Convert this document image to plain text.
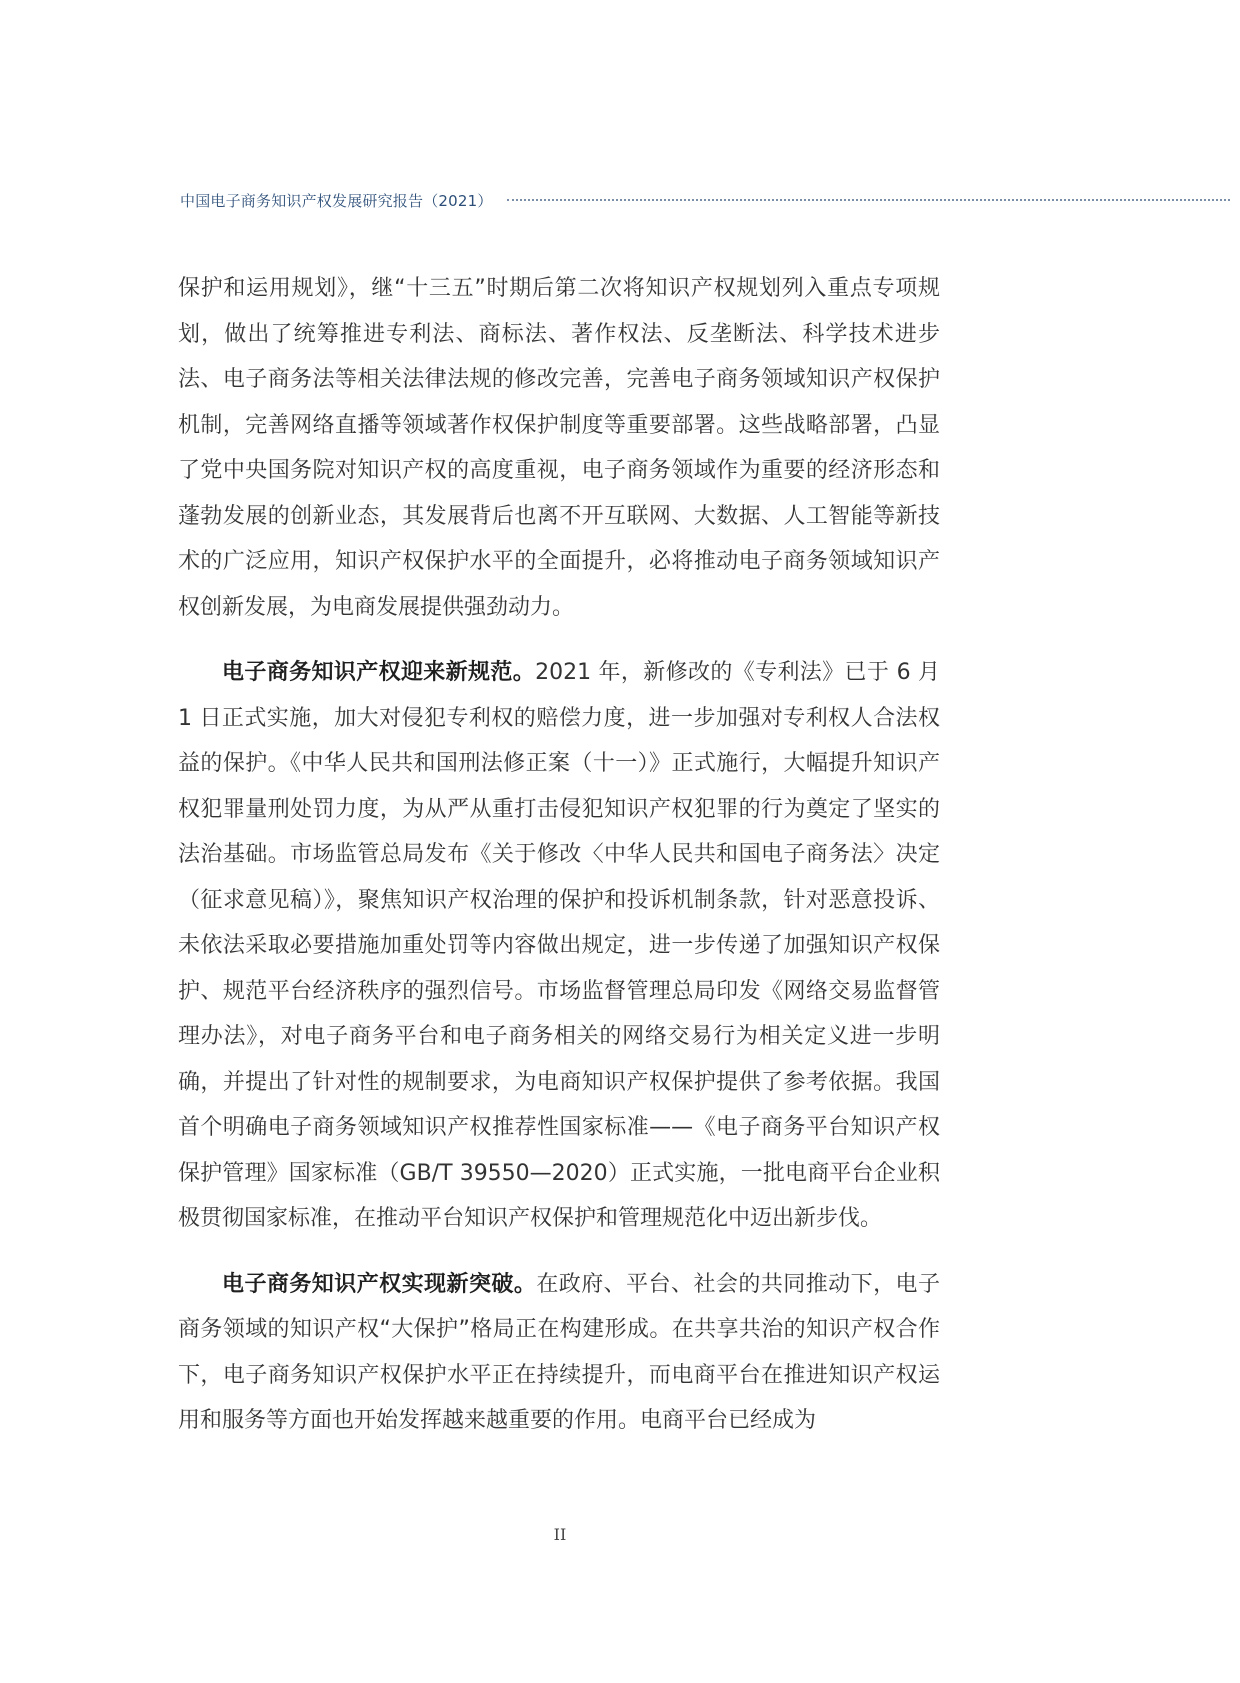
中国电子商务知识产权发展研究报告（2021）

保护和运用规划》，继“十三五”时期后第二次将知识产权规划列入重点专项规划，做出了统筹推进专利法、商标法、著作权法、反垄断法、科学技术进步法、电子商务法等相关法律法规的修改完善，完善电子商务领域知识产权保护机制，完善网络直播等领域著作权保护制度等重要部署。这些战略部署，凸显了党中央国务院对知识产权的高度重视，电子商务领域作为重要的经济形态和蓬勃发展的创新业态，其发展背后也离不开互联网、大数据、人工智能等新技术的广泛应用，知识产权保护水平的全面提升，必将推动电子商务领域知识产权创新发展，为电商发展提供强劲动力。

电子商务知识产权迎来新规范。2021 年，新修改的《专利法》已于 6 月 1 日正式实施，加大对侵犯专利权的赔偿力度，进一步加强对专利权人合法权益的保护。《中华人民共和国刑法修正案（十一）》正式施行，大幅提升知识产权犯罪量刑处罚力度，为从严从重打击侵犯知识产权犯罪的行为奠定了坚实的法治基础。市场监管总局发布《关于修改〈中华人民共和国电子商务法〉决定（征求意见稿）》，聚焦知识产权治理的保护和投诉机制条款，针对恶意投诉、未依法采取必要措施加重处罚等内容做出规定，进一步传递了加强知识产权保护、规范平台经济秩序的强烈信号。市场监督管理总局印发《网络交易监督管理办法》，对电子商务平台和电子商务相关的网络交易行为相关定义进一步明确，并提出了针对性的规制要求，为电商知识产权保护提供了参考依据。我国首个明确电子商务领域知识产权推荐性国家标准——《电子商务平台知识产权保护管理》国家标准（GB/T 39550—2020）正式实施，一批电商平台企业积极贯彻国家标准，在推动平台知识产权保护和管理规范化中迈出新步伐。

电子商务知识产权实现新突破。在政府、平台、社会的共同推动下，电子商务领域的知识产权“大保护”格局正在构建形成。在共享共治的知识产权合作下，电子商务知识产权保护水平正在持续提升，而电商平台在推进知识产权运用和服务等方面也开始发挥越来越重要的作用。电商平台已经成为

II
